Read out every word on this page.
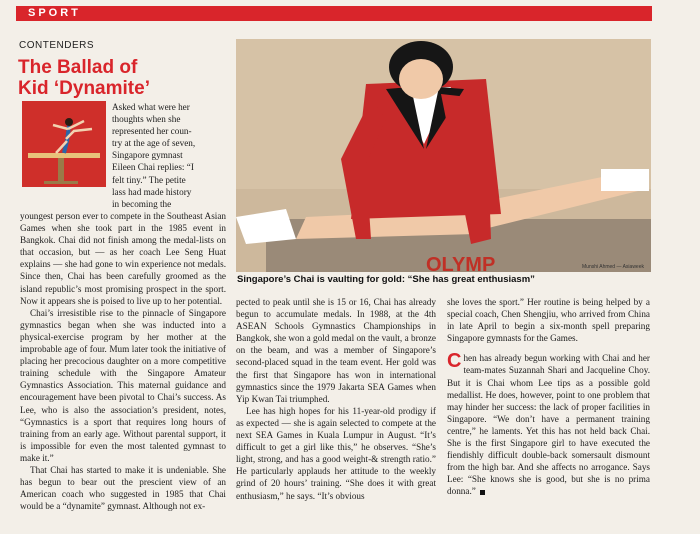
SPORT
CONTENDERS
The Ballad of
Kid ‘Dynamite’
Asked what were her
thoughts when she
represented her coun-
try at the age of seven,
Singapore gymnast
Eileen Chai replies: “I
felt tiny.” The petite
lass had made history
in becoming the

youngest person ever to compete in the Southeast Asian Games when she took part in the 1985 event in Bangkok. Chai did not finish among the medal-lists on that occasion, but — as her coach Lee Seng Huat explains — she had gone to win experience not medals. Since then, Chai has been carefully groomed as the island republic’s most promising prospect in the sport. Now it appears she is poised to live up to her potential.

Chai’s irresistible rise to the pinnacle of Singapore gymnastics began when she was inducted into a physical-exercise program by her mother at the improbable age of four. Mum later took the initiative of placing her precocious daughter on a more competitive training schedule with the Singapore Amateur Gymnastics Association. This maternal guidance and encouragement have been pivotal to Chai’s success. As Lee, who is also the association’s president, notes, “Gymnastics is a sport that requires long hours of training from an early age. Without parental support, it is impossible for even the most talented gymnast to make it.”

That Chai has started to make it is undeniable. She has begun to bear out the prescient view of an American coach who suggested in 1985 that Chai would be a “dynamite” gymnast. Although not ex-

OLYMP	Munshi Ahmed — Asiaweek
Singapore’s Chai is vaulting for gold: “She has great enthusiasm”

pected to peak until she is 15 or 16, Chai has already begun to accumulate medals. In 1988, at the 4th ASEAN Schools Gymnastics Championships in Bangkok, she won a gold medal on the vault, a bronze on the beam, and was a member of Singapore’s second-placed squad in the team event. Her gold was the first that Singapore has won in international gymnastics since the 1979 Jakarta SEA Games when Yip Kwan Tai triumphed.

Lee has high hopes for his 11-year-old prodigy if as expected — she is again selected to compete at the next SEA Games in Kuala Lumpur in August. “It’s difficult to get a girl like this,” he observes. “She’s light, strong, and has a good weight-& strength ratio.” He particularly applauds her attitude to the weekly grind of 20 hours’ training. “She does it with great enthusiasm,” he says. “It’s obvious

she loves the sport.” Her routine is being helped by a special coach, Chen Shengjiu, who arrived from China in late April to begin a six-month spell preparing Singapore gymnasts for the Games.

Chen has already begun working with Chai and her team-mates Suzannah Shari and Jacqueline Choy. But it is Chai whom Lee tips as a possible gold medallist. He does, however, point to one problem that may hinder her success: the lack of proper facilities in Singapore. “We don’t have a permanent training centre,” he laments. Yet this has not held back Chai. She is the first Singapore girl to have executed the fiendishly difficult double-back somersault dismount from the high bar. And she affects no arrogance. Says Lee: “She knows she is good, but she is no prima donna.”
